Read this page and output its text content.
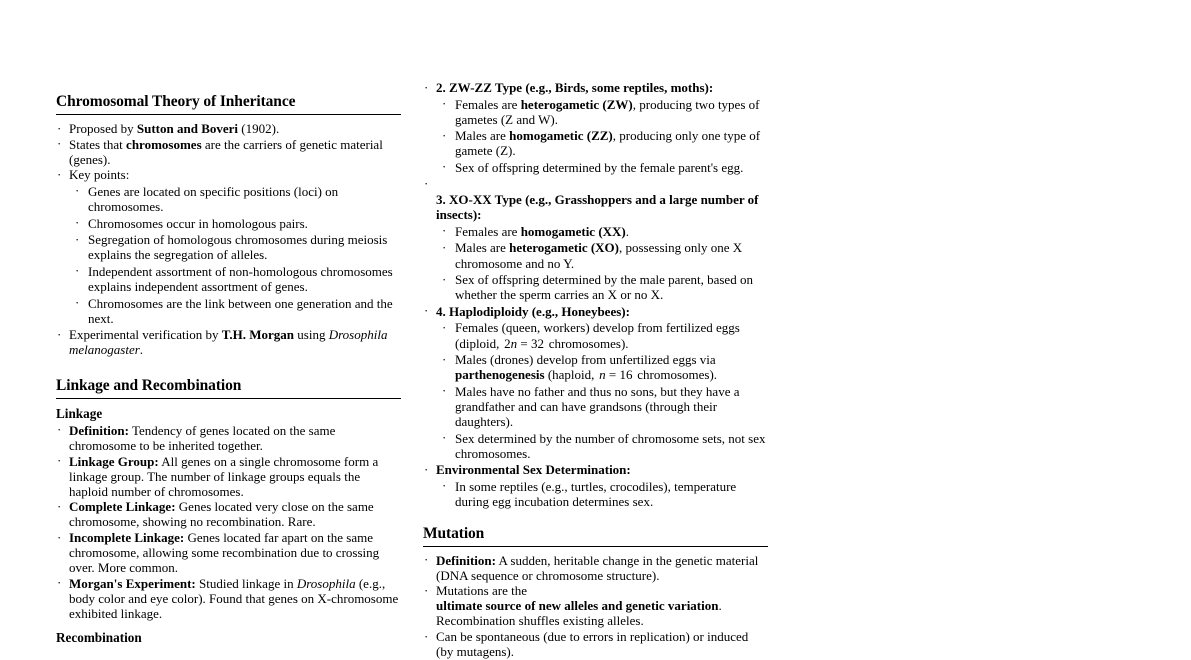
Chromosomal Theory of Inheritance
· Proposed by Sutton and Boveri (1902).
· States that chromosomes are the carriers of genetic material (genes).
· Key points:
· Genes are located on specific positions (loci) on chromosomes.
· Chromosomes occur in homologous pairs.
· Segregation of homologous chromosomes during meiosis explains the segregation of alleles.
· Independent assortment of non-homologous chromosomes explains independent assortment of genes.
· Chromosomes are the link between one generation and the next.
· Experimental verification by T.H. Morgan using Drosophila melanogaster.
Linkage and Recombination
Linkage
· Definition: Tendency of genes located on the same chromosome to be inherited together.
· Linkage Group: All genes on a single chromosome form a linkage group. The number of linkage groups equals the haploid number of chromosomes.
· Complete Linkage: Genes located very close on the same chromosome, showing no recombination. Rare.
· Incomplete Linkage: Genes located far apart on the same chromosome, allowing some recombination due to crossing over. More common.
· Morgan's Experiment: Studied linkage in Drosophila (e.g., body color and eye color). Found that genes on X-chromosome exhibited linkage.
Recombination
· 2. ZW-ZZ Type (e.g., Birds, some reptiles, moths):
· Females are heterogametic (ZW), producing two types of gametes (Z and W).
· Males are homogametic (ZZ), producing only one type of gamete (Z).
· Sex of offspring determined by the female parent's egg.
·
3. XO-XX Type (e.g., Grasshoppers and a large number of insects):
· Females are homogametic (XX).
· Males are heterogametic (XO), possessing only one X chromosome and no Y.
· Sex of offspring determined by the male parent, based on whether the sperm carries an X or no X.
· 4. Haplodiploidy (e.g., Honeybees):
· Females (queen, workers) develop from fertilized eggs (diploid, 2n = 32 chromosomes).
· Males (drones) develop from unfertilized eggs via parthenogenesis (haploid, n = 16 chromosomes).
· Males have no father and thus no sons, but they have a grandfather and can have grandsons (through their daughters).
· Sex determined by the number of chromosome sets, not sex chromosomes.
· Environmental Sex Determination:
· In some reptiles (e.g., turtles, crocodiles), temperature during egg incubation determines sex.
Mutation
· Definition: A sudden, heritable change in the genetic material (DNA sequence or chromosome structure).
· Mutations are the
ultimate source of new alleles and genetic variation. Recombination shuffles existing alleles.
· Can be spontaneous (due to errors in replication) or induced (by mutagens).
